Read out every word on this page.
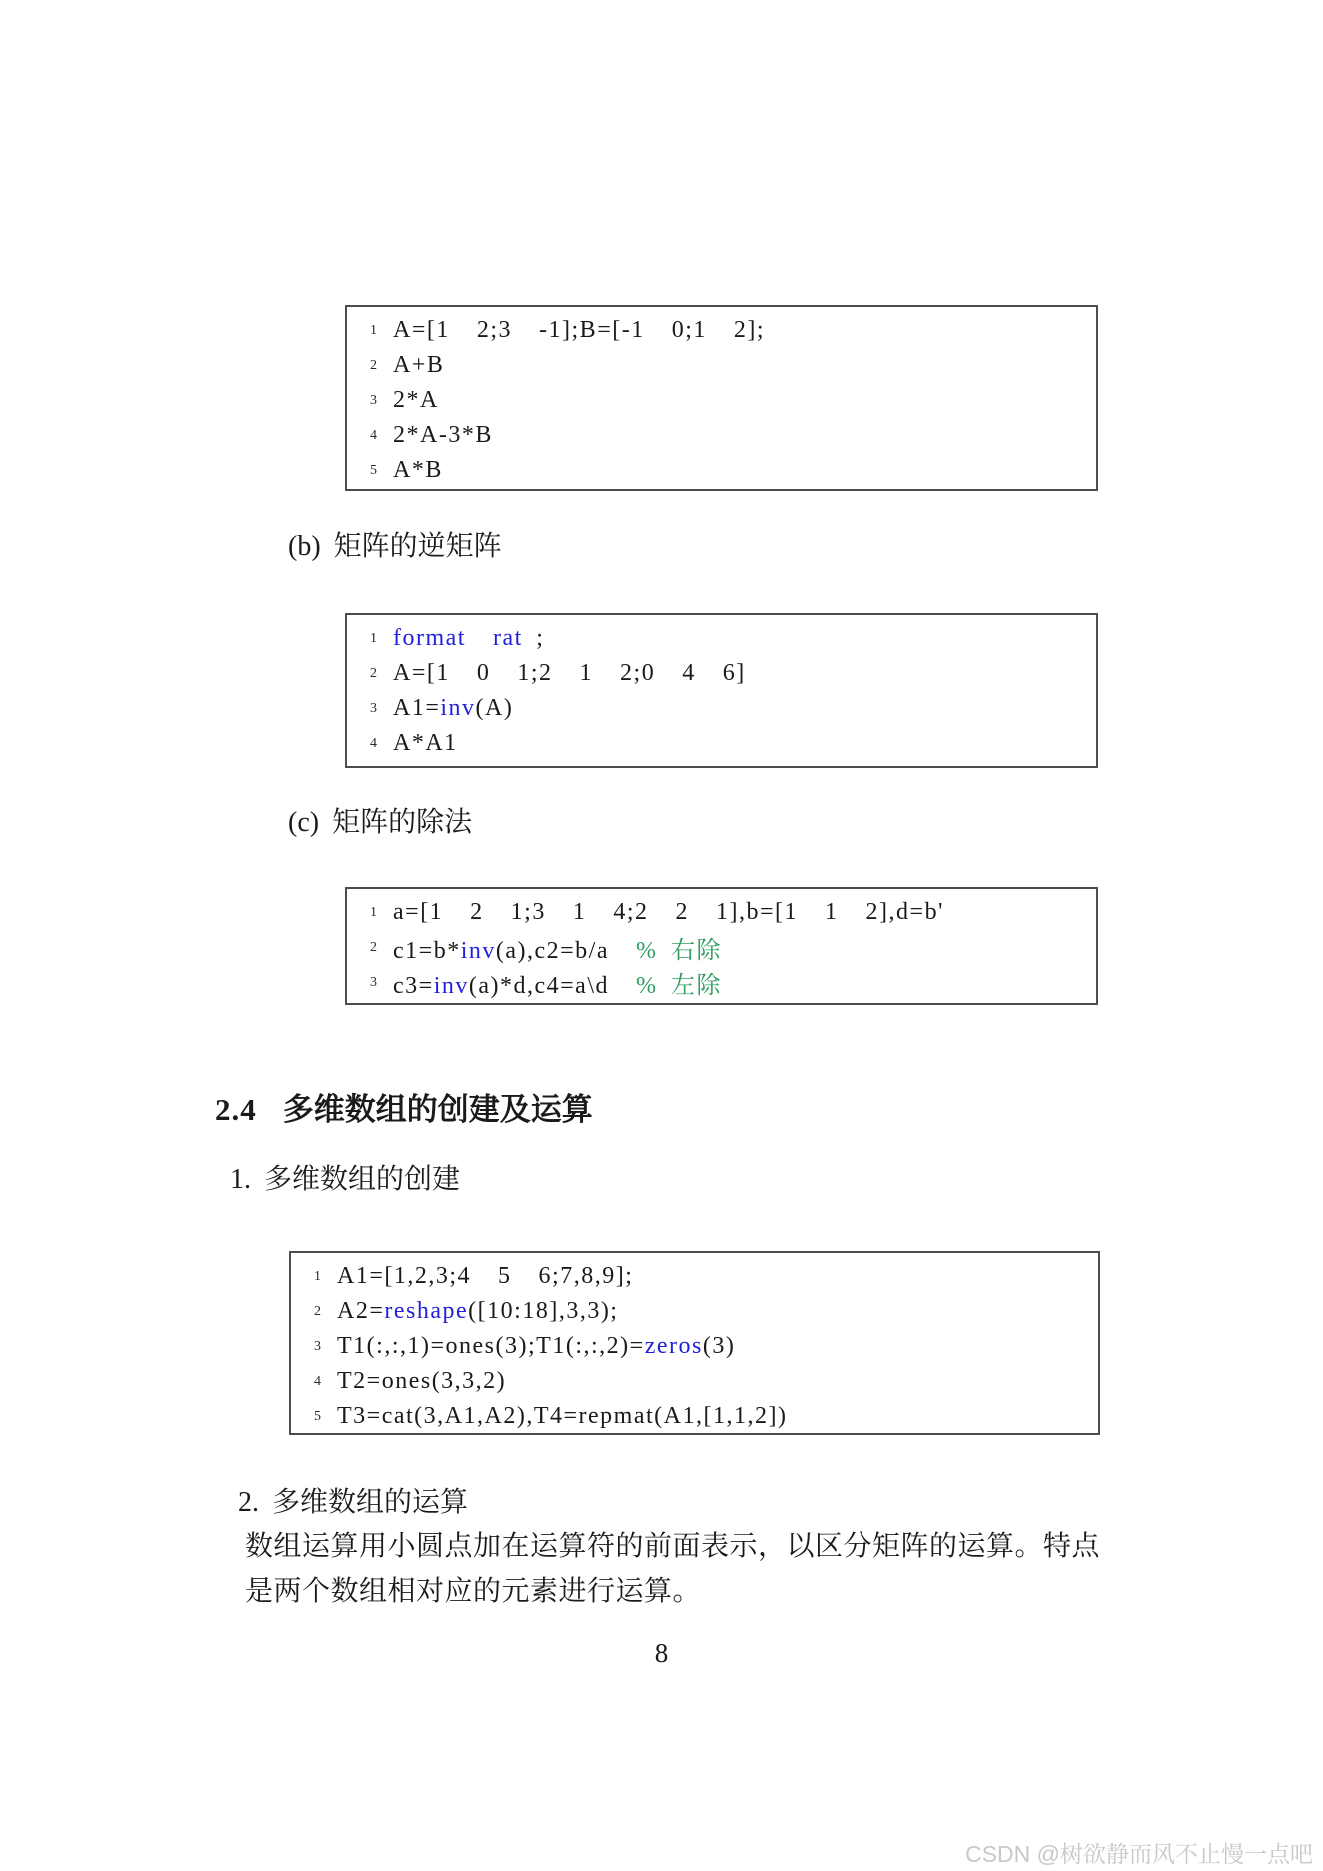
1 A=[1  2;3  -1];B=[-1  0;1  2];
2 A+B
3 2*A
4 2*A-3*B
5 A*B
(b) 矩阵的逆矩阵
1 format  rat ;
2 A=[1  0  1;2  1  2;0  4  6]
3 A1=inv(A)
4 A*A1
(c) 矩阵的除法
1 a=[1  2  1;3  1  4;2  2  1],b=[1  1  2],d=b'
2 c1=b*inv(a),c2=b/a  % 右除
3 c3=inv(a)*d,c4=a\d  % 左除
2.4 多维数组的创建及运算
1. 多维数组的创建
1 A1=[1,2,3;4  5  6;7,8,9];
2 A2=reshape([10:18],3,3);
3 T1(:,:,1)=ones(3);T1(:,:,2)=zeros(3)
4 T2=ones(3,3,2)
5 T3=cat(3,A1,A2),T4=repmat(A1,[1,1,2])
2. 多维数组的运算
数组运算用小圆点加在运算符的前面表示，以区分矩阵的运算。特点
是两个数组相对应的元素进行运算。
8
CSDN @树欲静而风不止慢一点吧
